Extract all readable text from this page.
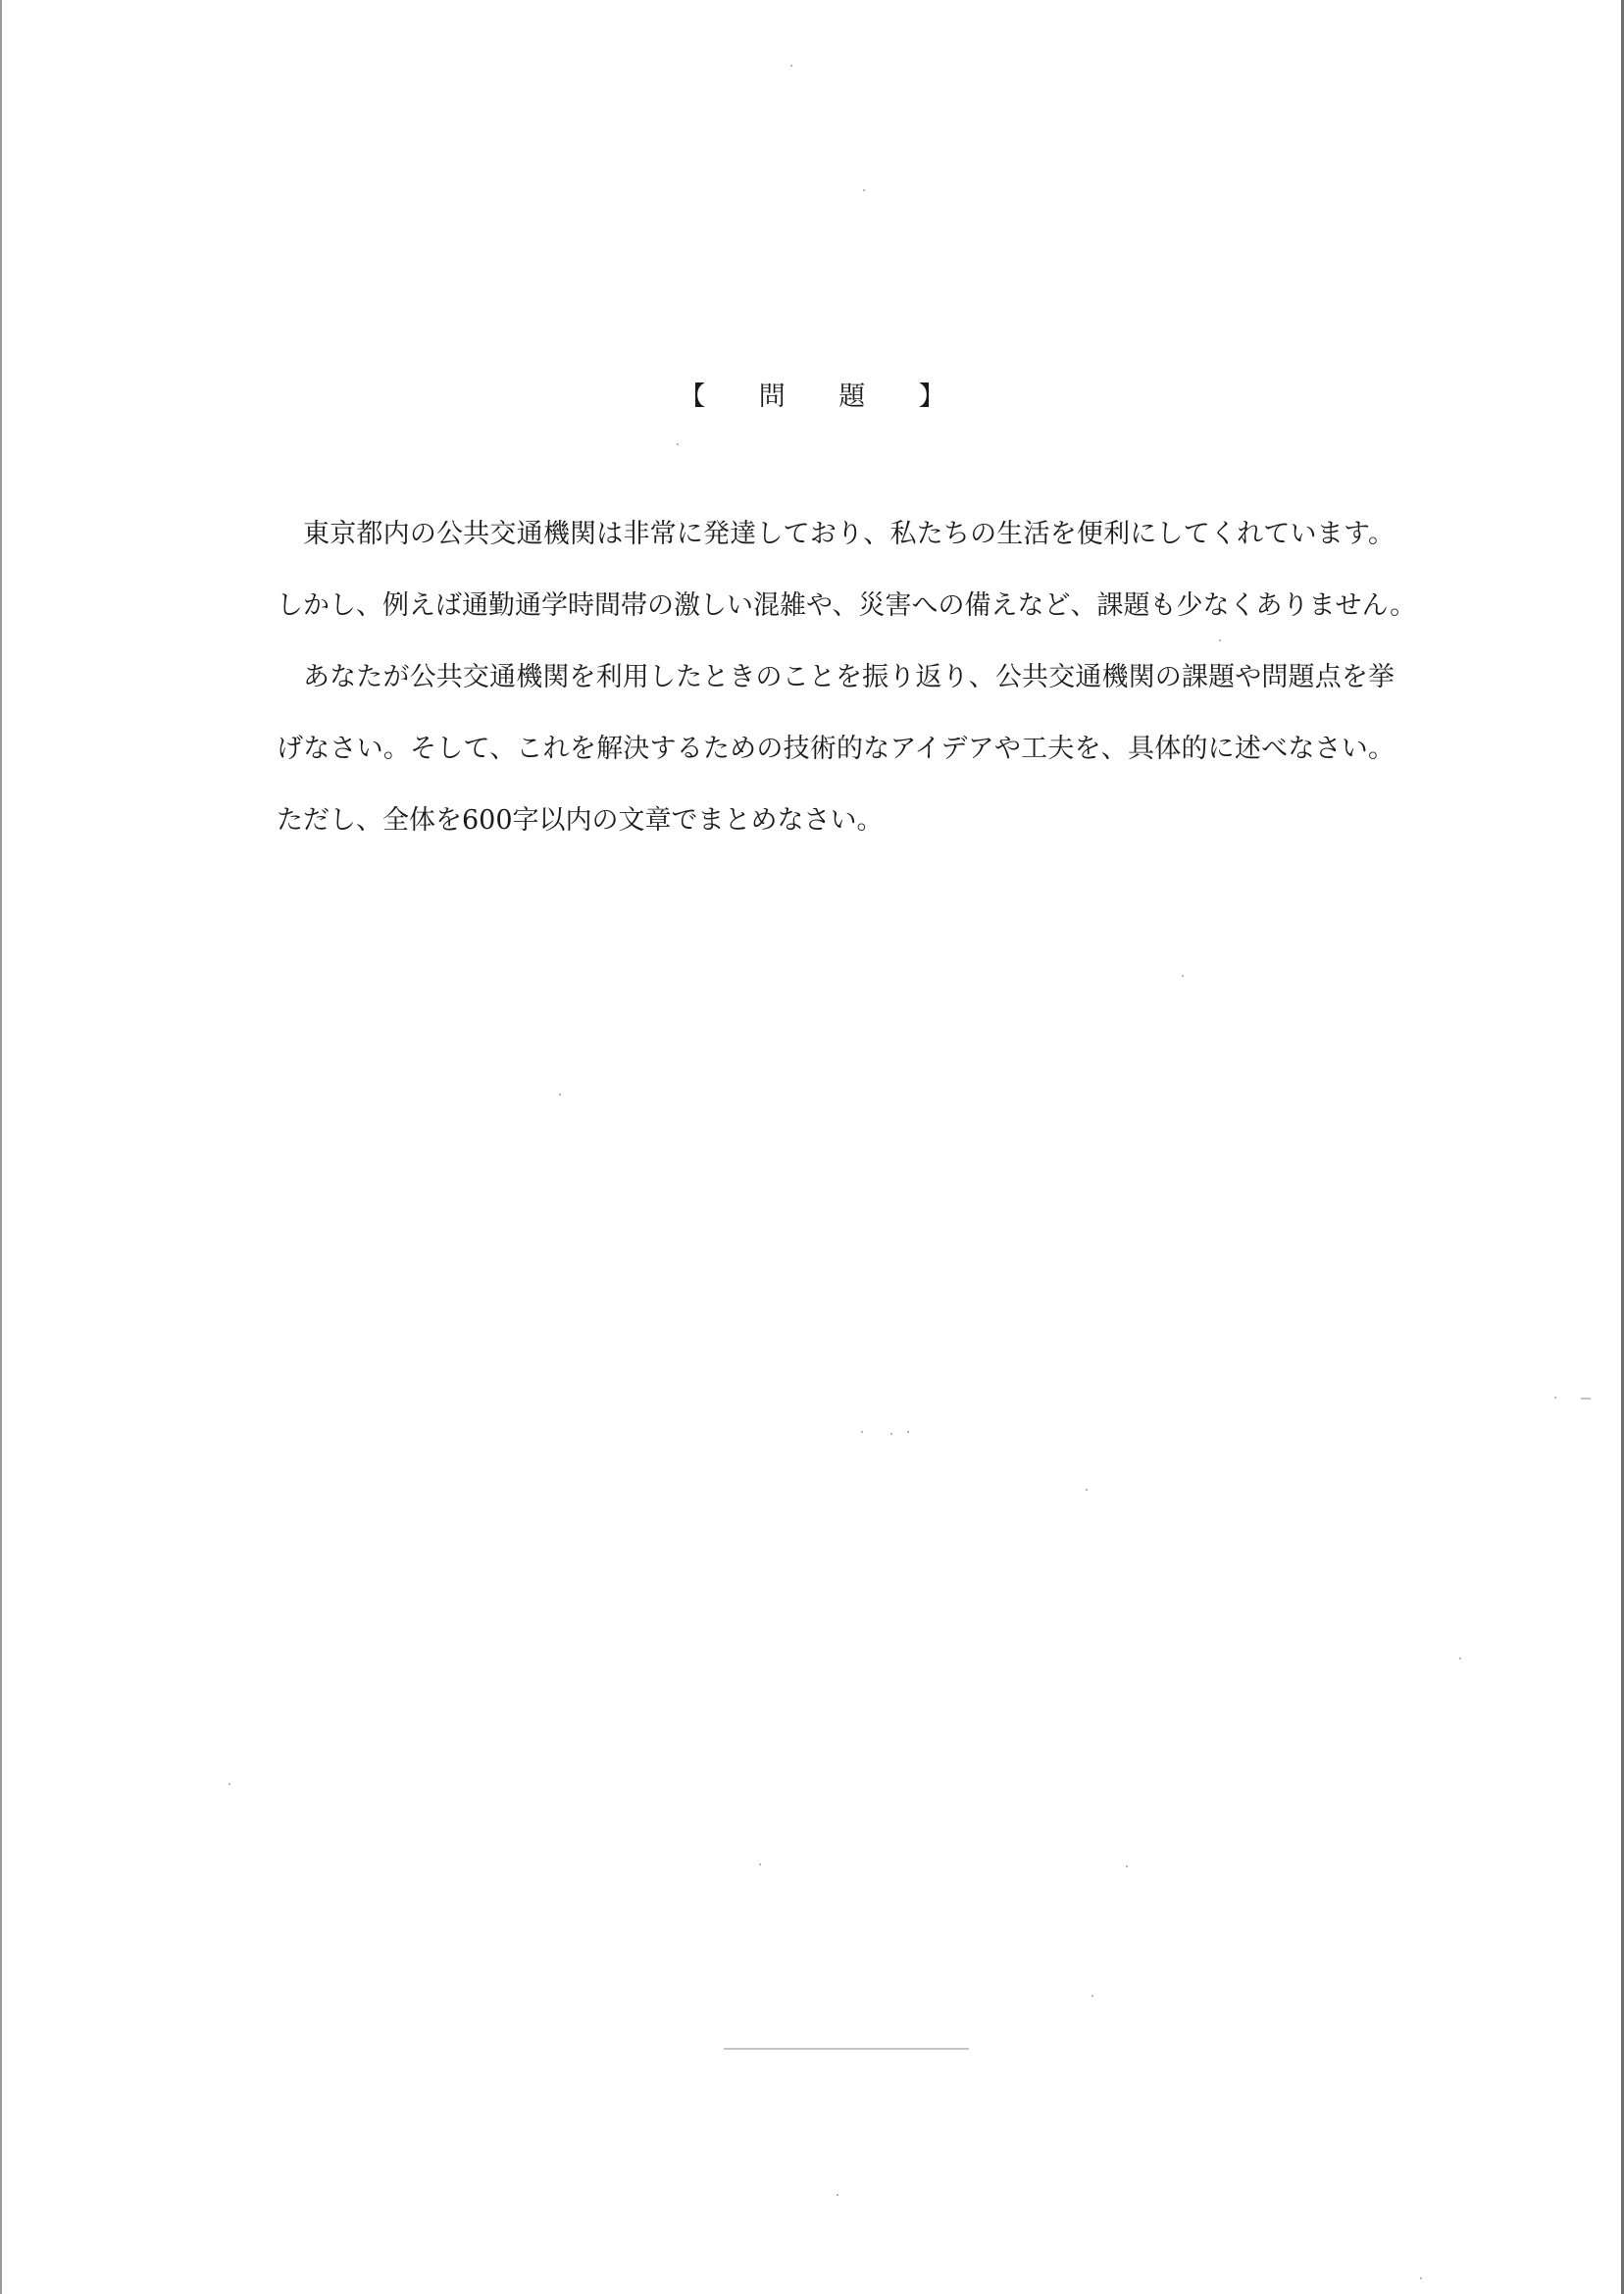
【 問 題 】
東京都内の公共交通機関は非常に発達しており、私たちの生活を便利にしてくれています。
しかし、例えば通勤通学時間帯の激しい混雑や、災害への備えなど、課題も少なくありません。
あなたが公共交通機関を利用したときのことを振り返り、公共交通機関の課題や問題点を挙
げなさい。そして、これを解決するための技術的なアイデアや工夫を、具体的に述べなさい。
ただし、全体を600字以内の文章でまとめなさい。
